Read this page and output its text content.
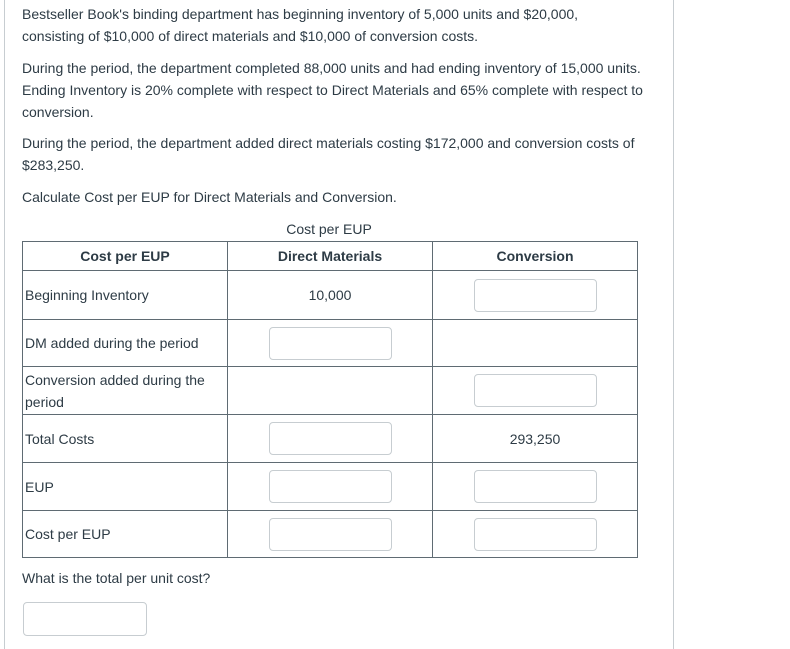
Bestseller Book's binding department has beginning inventory of 5,000 units and $20,000, consisting of $10,000 of direct materials and $10,000 of conversion costs.

During the period, the department completed 88,000 units and had ending inventory of 15,000 units. Ending Inventory is 20% complete with respect to Direct Materials and 65% complete with respect to conversion.

During the period, the department added direct materials costing $172,000 and conversion costs of $283,250.

Calculate Cost per EUP for Direct Materials and Conversion.

Cost per EUP
Cost per EUP	Direct Materials	Conversion
Beginning Inventory	10,000	

DM added during the period	

Conversion added during the period		

Total Costs		293,250
EUP	

Cost per EUP	

What is the total per unit cost?
